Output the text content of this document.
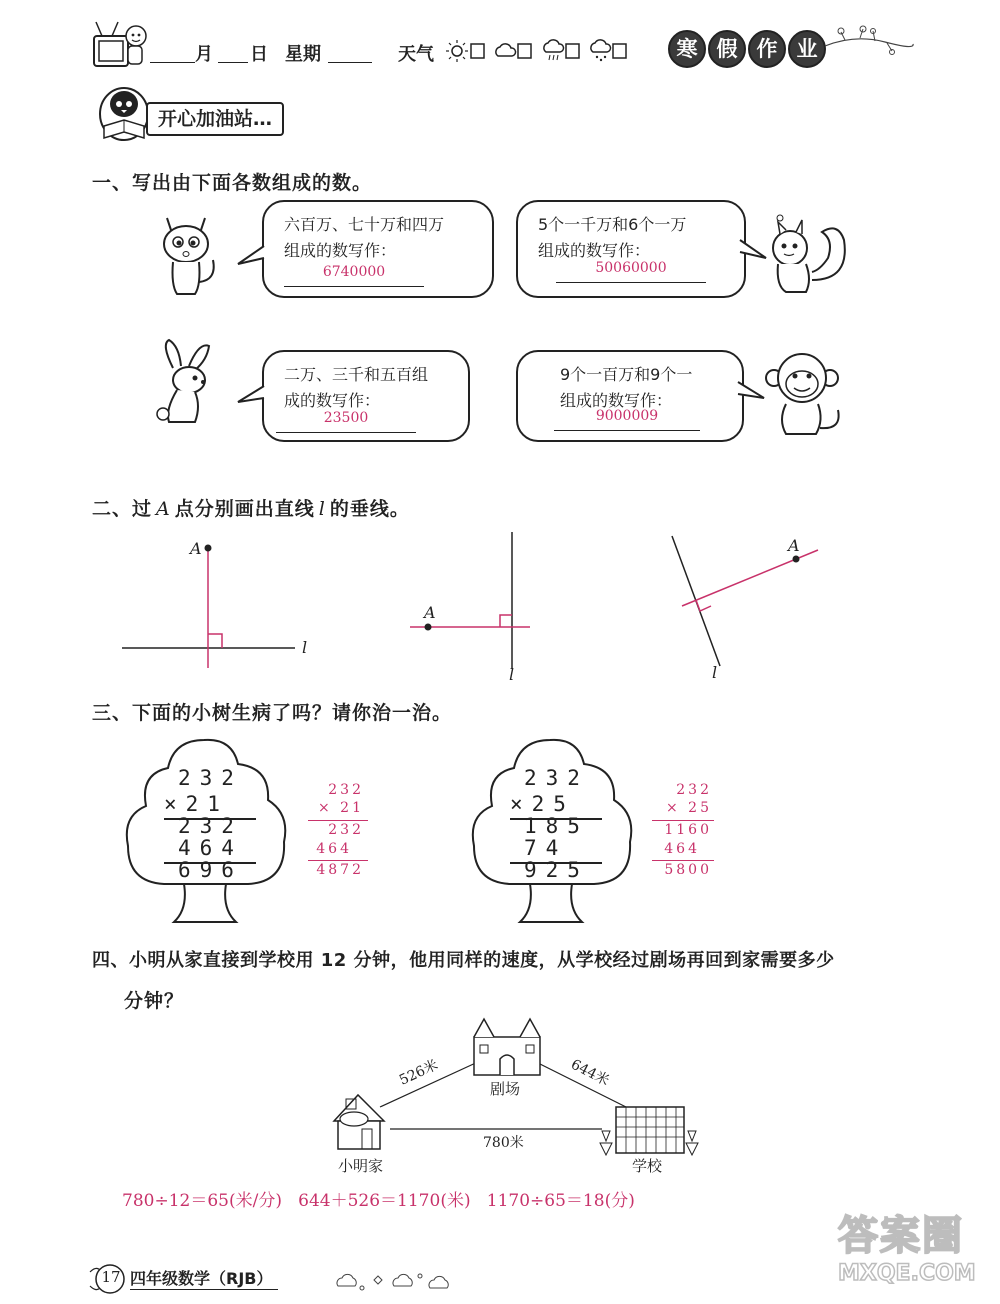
月 日 星期	天气	寒 假 作 业
开心加油站…
一、写出由下面各数组成的数。
六百万、七十万和四万
组成的数写作：
6740000
5个一千万和6个一万
组成的数写作：
50060000
二万、三千和五百组
成的数写作：
23500
9个一百万和9个一
组成的数写作：
9000009
二、过 A 点分别画出直线 l 的垂线。
A
l
A
l
A
l
三、下面的小树生病了吗？请你治一治。
232
×21
232
464
696
232
× 21
232
464
4872
232
×25
185
74
925
232
× 25
1160
464
5800
四、小明从家直接到学校用 12 分钟，他用同样的速度，从学校经过剧场再回到家需要多少
分钟？
526米	644米
780米
剧场
小明家	学校
780÷12＝65(米/分)   644＋526＝1170(米)   1170÷65＝18(分)
17 四年级数学（RJB）
答案圈
MXQE.COM
